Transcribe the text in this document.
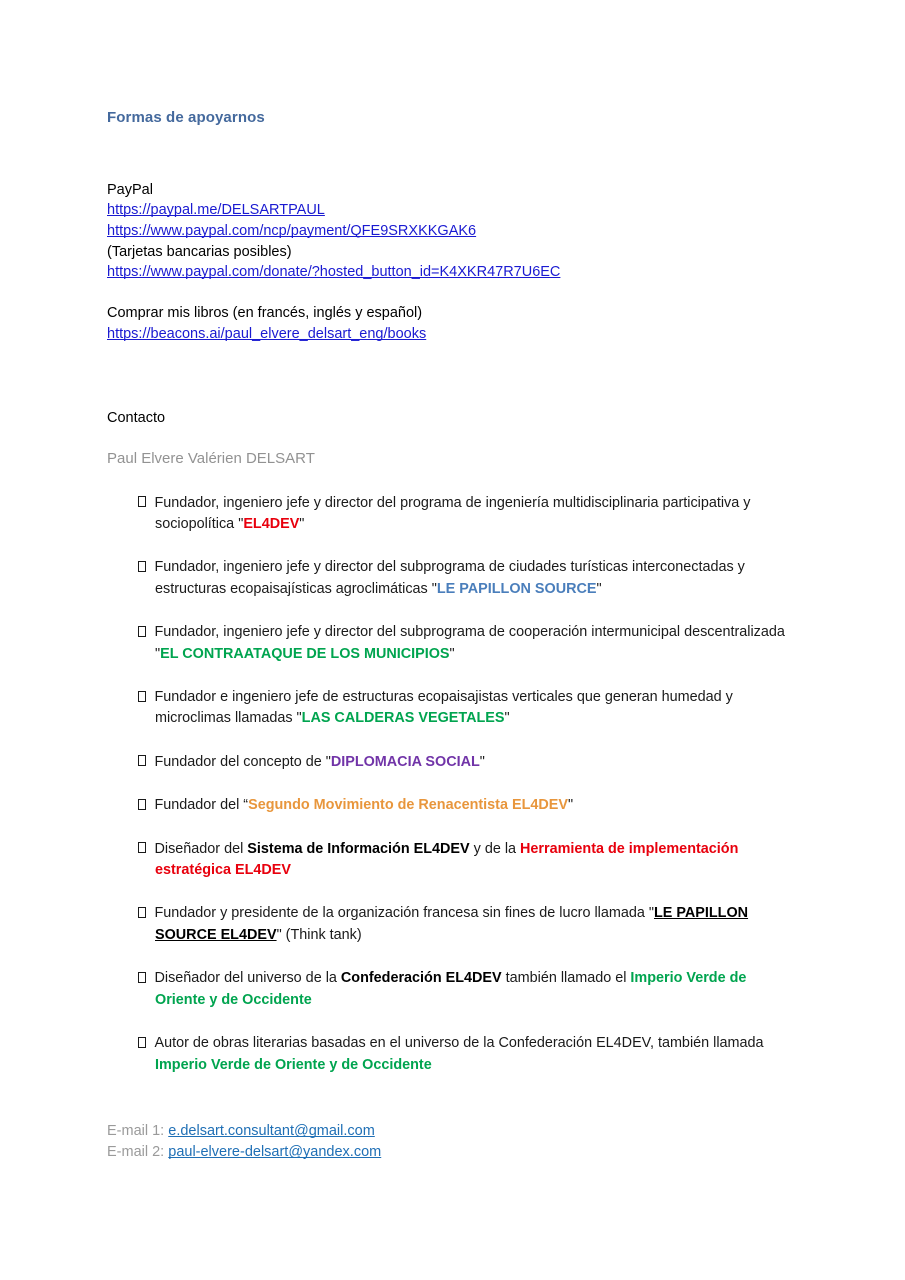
Formas de apoyarnos
PayPal
https://paypal.me/DELSARTPAUL
https://www.paypal.com/ncp/payment/QFE9SRXKKGAK6
(Tarjetas bancarias posibles)
https://www.paypal.com/donate/?hosted_button_id=K4XKR47R7U6EC
Comprar mis libros (en francés, inglés y español)
https://beacons.ai/paul_elvere_delsart_eng/books
Contacto
Paul Elvere Valérien DELSART
Fundador, ingeniero jefe y director del programa de ingeniería multidisciplinaria participativa y sociopolítica "EL4DEV"
Fundador, ingeniero jefe y director del subprograma de ciudades turísticas interconectadas y estructuras ecopaisajísticas agroclimáticas "LE PAPILLON SOURCE"
Fundador, ingeniero jefe y director del subprograma de cooperación intermunicipal descentralizada "EL CONTRAATAQUE DE LOS MUNICIPIOS"
Fundador e ingeniero jefe de estructuras ecopaisajistas verticales que generan humedad y microclimas llamadas "LAS CALDERAS VEGETALES"
Fundador del concepto de "DIPLOMACIA SOCIAL"
Fundador del “Segundo Movimiento de Renacentista EL4DEV"
Diseñador del Sistema de Información EL4DEV y de la Herramienta de implementación estratégica EL4DEV
Fundador y presidente de la organización francesa sin fines de lucro llamada "LE PAPILLON SOURCE EL4DEV" (Think tank)
Diseñador del universo de la Confederación EL4DEV también llamado el Imperio Verde de Oriente y de Occidente
Autor de obras literarias basadas en el universo de la Confederación EL4DEV, también llamada Imperio Verde de Oriente y de Occidente
E-mail 1: e.delsart.consultant@gmail.com
E-mail 2: paul-elvere-delsart@yandex.com
